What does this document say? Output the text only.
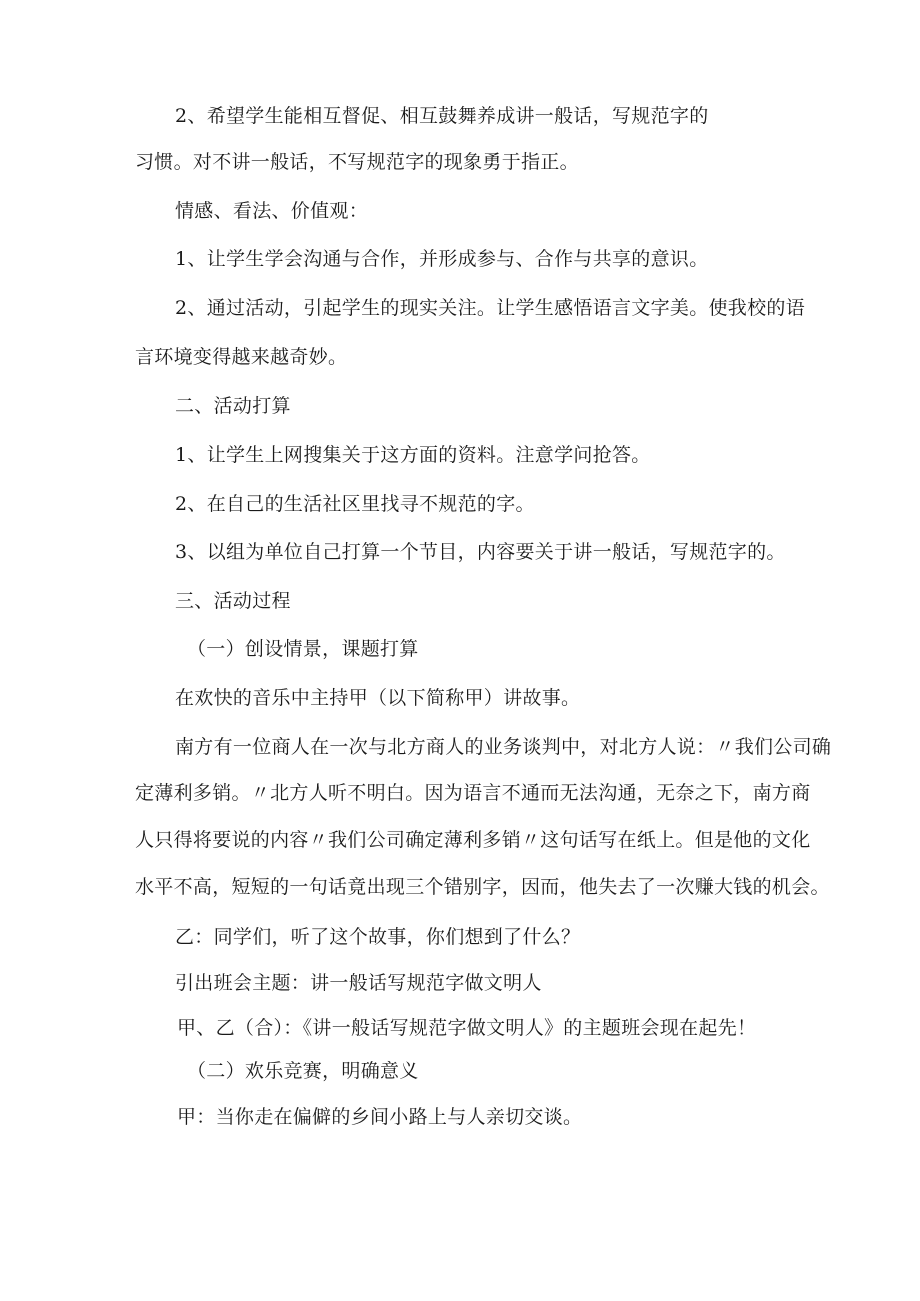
2、希望学生能相互督促、相互鼓舞养成讲一般话，写规范字的
习惯。对不讲一般话，不写规范字的现象勇于指正。
情感、看法、价值观：
1、让学生学会沟通与合作，并形成参与、合作与共享的意识。
2、通过活动，引起学生的现实关注。让学生感悟语言文字美。使我校的语
言环境变得越来越奇妙。
二、活动打算
1、让学生上网搜集关于这方面的资料。注意学问抢答。
2、在自己的生活社区里找寻不规范的字。
3、以组为单位自己打算一个节目，内容要关于讲一般话，写规范字的。
三、活动过程
（一）创设情景，课题打算
在欢快的音乐中主持甲（以下简称甲）讲故事。
南方有一位商人在一次与北方商人的业务谈判中，对北方人说：〃我们公司确
定薄利多销。〃北方人听不明白。因为语言不通而无法沟通，无奈之下，南方商
人只得将要说的内容〃我们公司确定薄利多销〃这句话写在纸上。但是他的文化
水平不高，短短的一句话竟出现三个错别字，因而，他失去了一次赚大钱的机会。
乙：同学们，听了这个故事，你们想到了什么？
引出班会主题：讲一般话写规范字做文明人
甲、乙（合）：《讲一般话写规范字做文明人》的主题班会现在起先！
（二）欢乐竞赛，明确意义
甲：当你走在偏僻的乡间小路上与人亲切交谈。
